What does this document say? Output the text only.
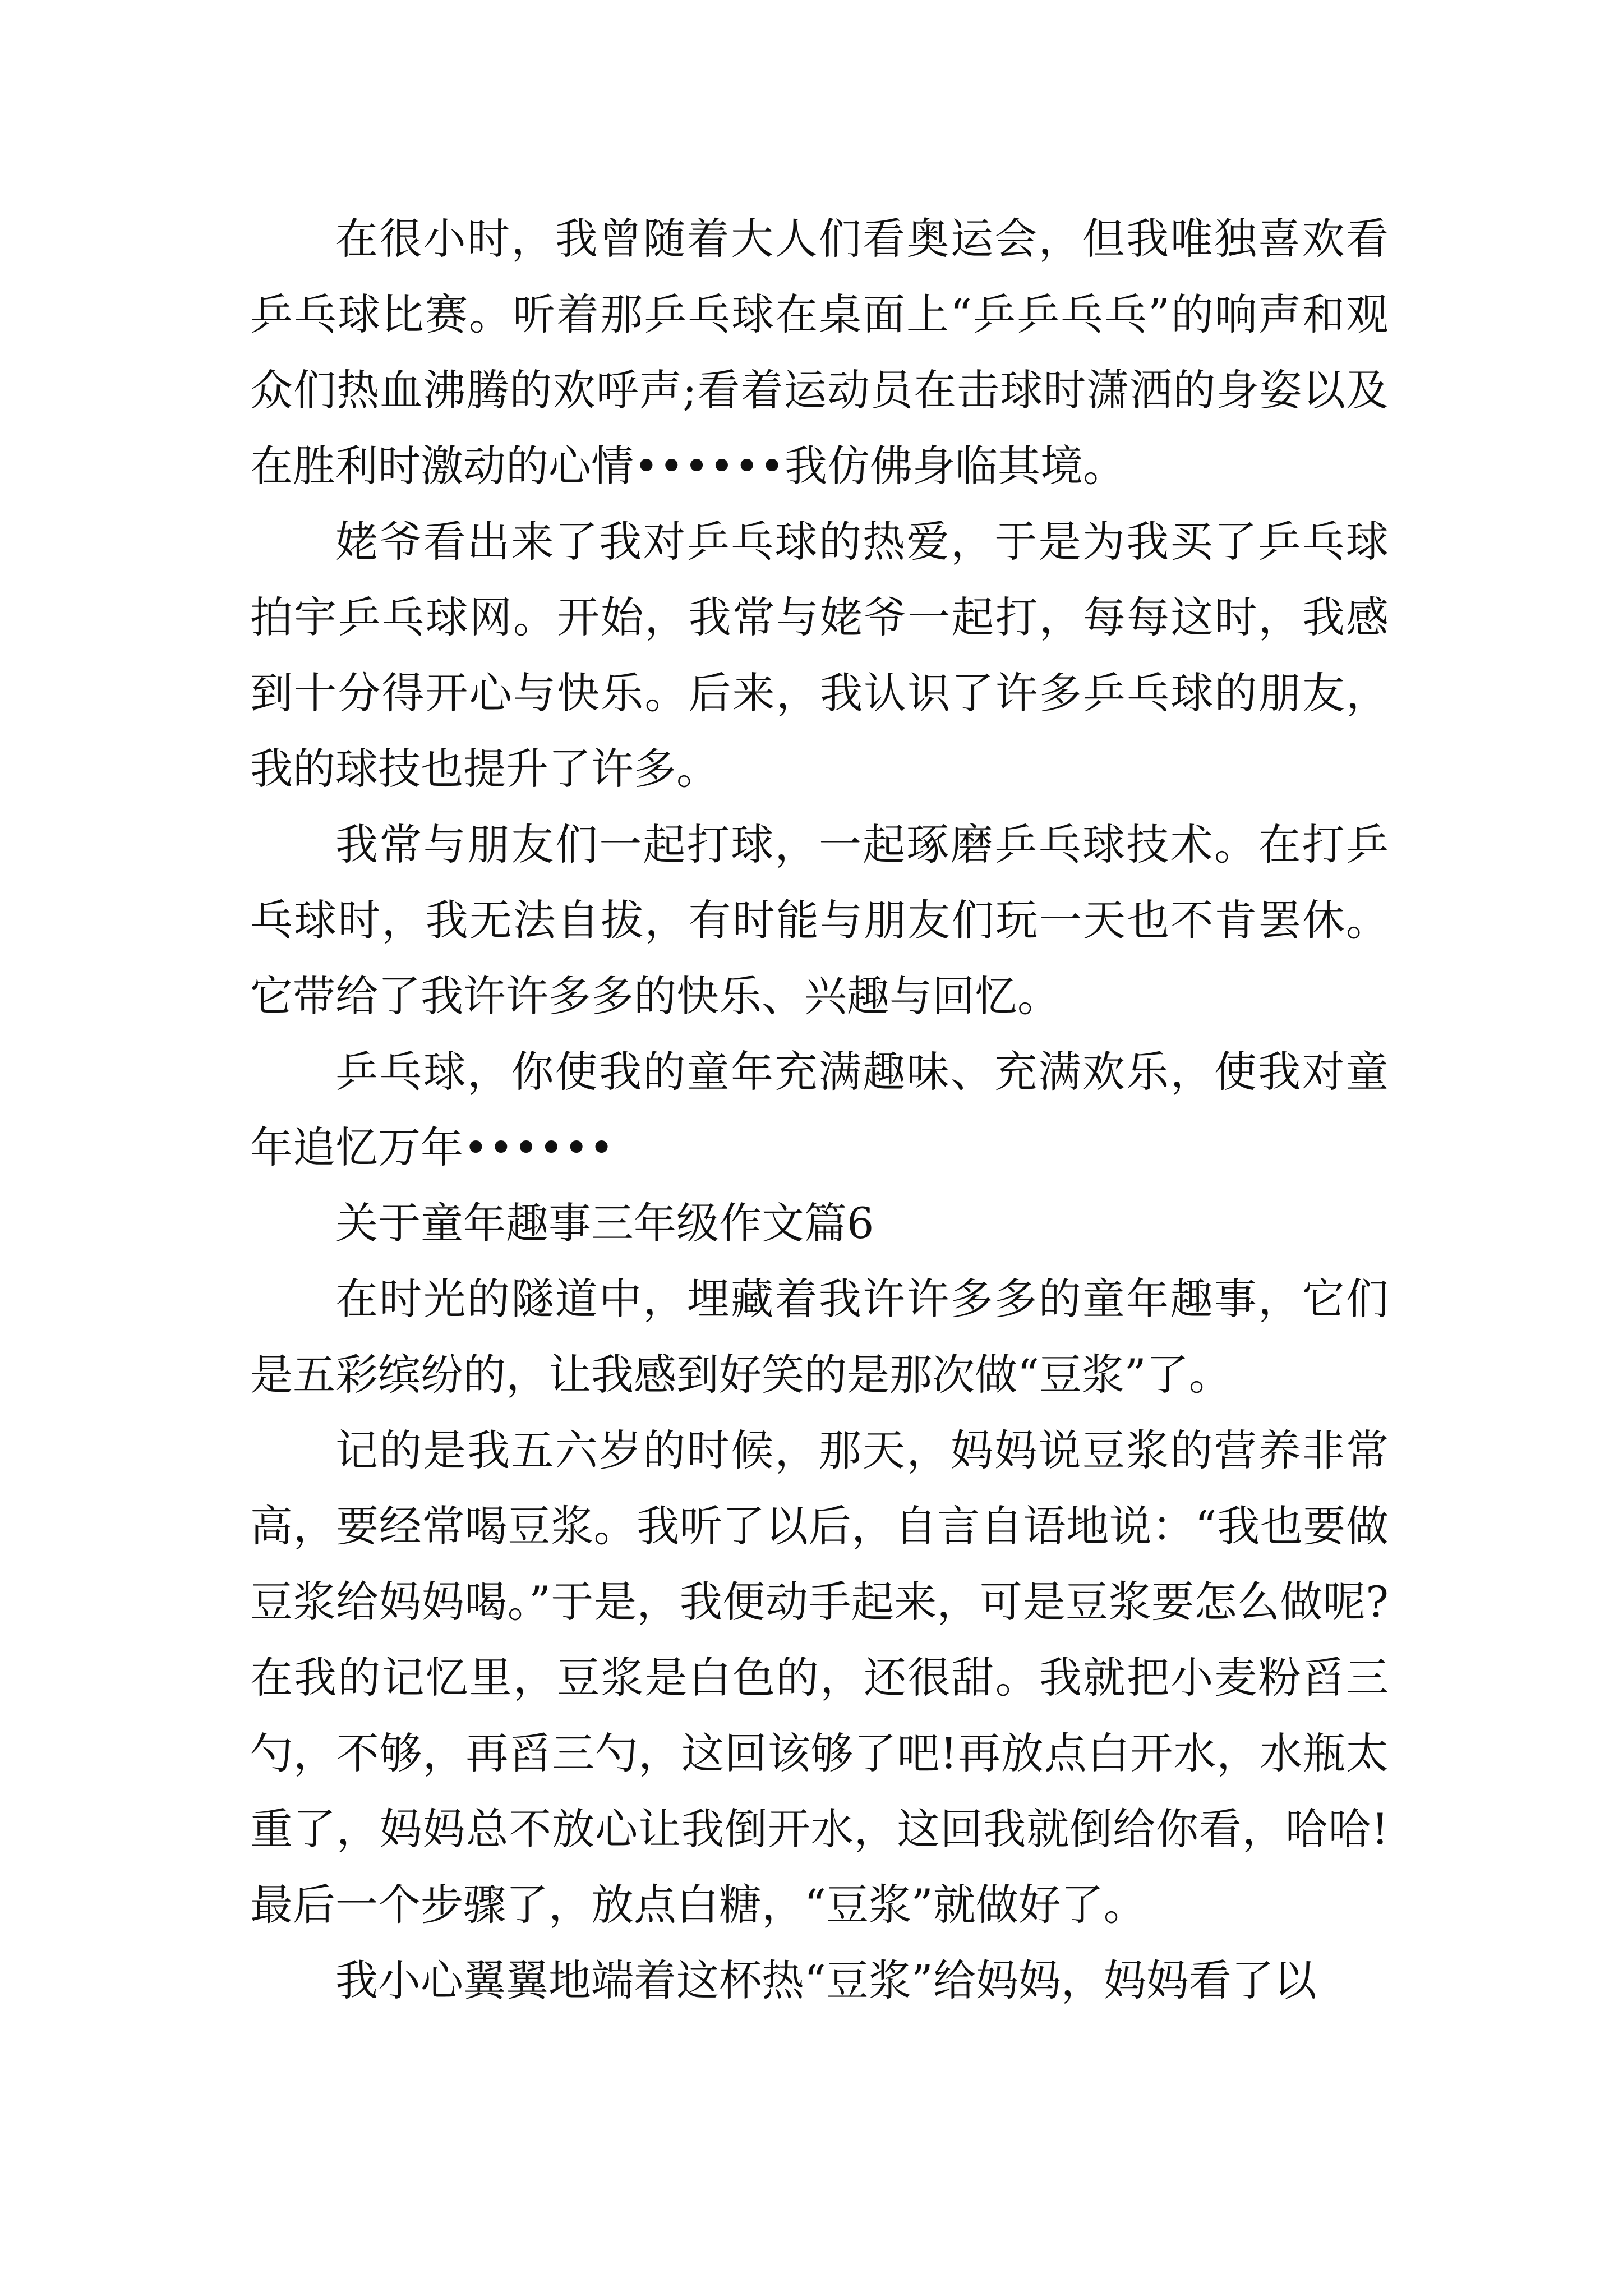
在很小时，我曾随着大人们看奥运会，但我唯独喜欢看乒乓球比赛。听着那乒乓球在桌面上“乒乒乓乓”的响声和观众们热血沸腾的欢呼声;看着运动员在击球时潇洒的身姿以及在胜利时激动的心情••••••我仿佛身临其境。

姥爷看出来了我对乒乓球的热爱，于是为我买了乒乓球拍宇乒乓球网。开始，我常与姥爷一起打，每每这时，我感到十分得开心与快乐。后来，我认识了许多乒乓球的朋友，我的球技也提升了许多。

我常与朋友们一起打球，一起琢磨乒乓球技术。在打乒乓球时，我无法自拔，有时能与朋友们玩一天也不肯罢休。它带给了我许许多多的快乐、兴趣与回忆。

乒乓球，你使我的童年充满趣味、充满欢乐，使我对童年追忆万年••••••

关于童年趣事三年级作文篇6

在时光的隧道中，埋藏着我许许多多的童年趣事，它们是五彩缤纷的，让我感到好笑的是那次做“豆浆”了。

记的是我五六岁的时候，那天，妈妈说豆浆的营养非常高，要经常喝豆浆。我听了以后，自言自语地说：“我也要做豆浆给妈妈喝。”于是，我便动手起来，可是豆浆要怎么做呢?在我的记忆里，豆浆是白色的，还很甜。我就把小麦粉舀三勺，不够，再舀三勺，这回该够了吧!再放点白开水，水瓶太重了，妈妈总不放心让我倒开水，这回我就倒给你看，哈哈!最后一个步骤了，放点白糖，“豆浆”就做好了。

我小心翼翼地端着这杯热“豆浆”给妈妈，妈妈看了以
